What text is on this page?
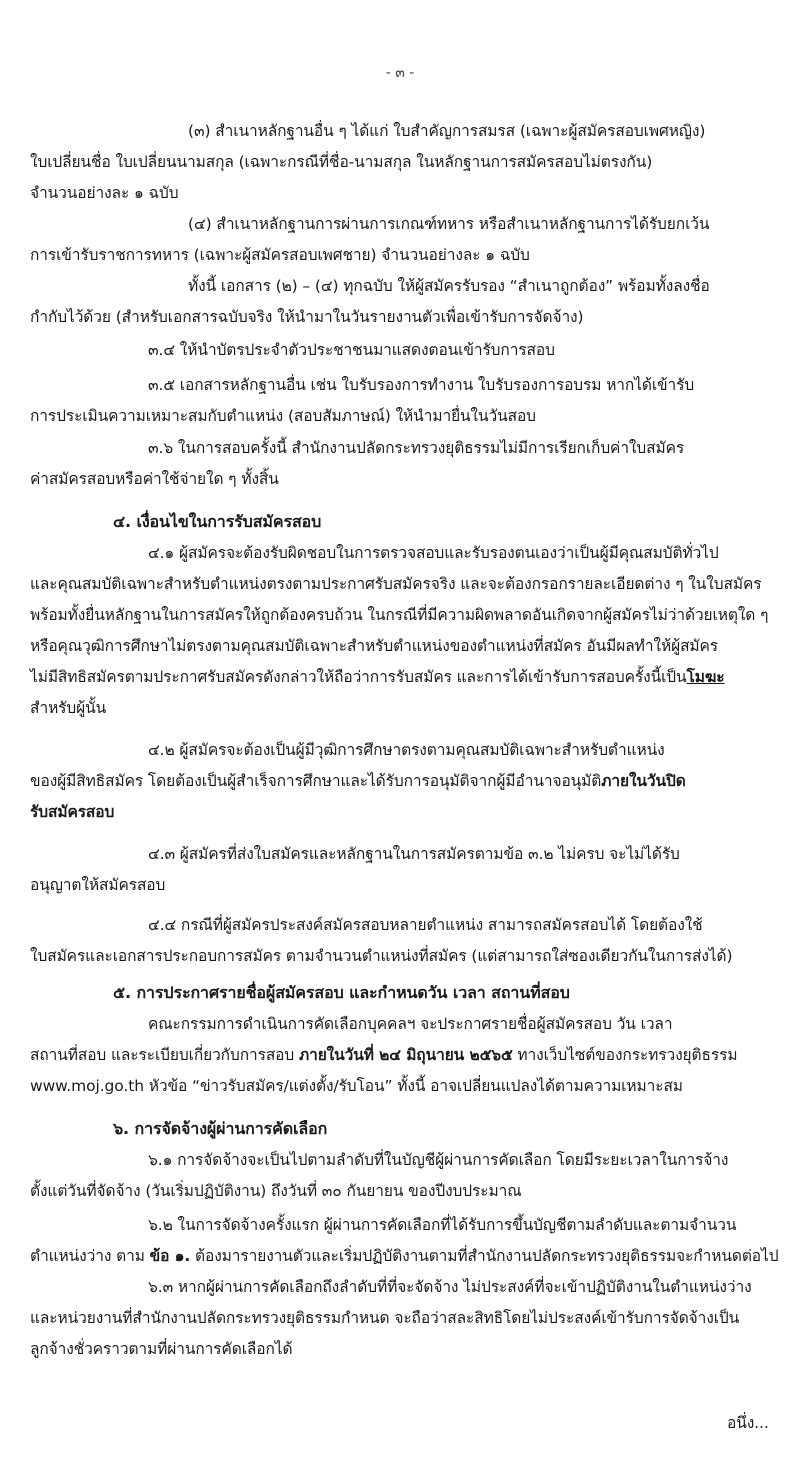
- ๓ -
(๓) สำเนาหลักฐานอื่น ๆ ได้แก่ ใบสำคัญการสมรส (เฉพาะผู้สมัครสอบเพศหญิง)
ใบเปลี่ยนชื่อ ใบเปลี่ยนนามสกุล (เฉพาะกรณีที่ชื่อ-นามสกุล ในหลักฐานการสมัครสอบไม่ตรงกัน)
จำนวนอย่างละ ๑ ฉบับ
(๔) สำเนาหลักฐานการผ่านการเกณฑ์ทหาร หรือสำเนาหลักฐานการได้รับยกเว้น
การเข้ารับราชการทหาร (เฉพาะผู้สมัครสอบเพศชาย) จำนวนอย่างละ ๑ ฉบับ
ทั้งนี้ เอกสาร (๒) – (๔) ทุกฉบับ ให้ผู้สมัครรับรอง “สำเนาถูกต้อง” พร้อมทั้งลงชื่อ
กำกับไว้ด้วย (สำหรับเอกสารฉบับจริง ให้นำมาในวันรายงานตัวเพื่อเข้ารับการจัดจ้าง)
๓.๔ ให้นำบัตรประจำตัวประชาชนมาแสดงตอนเข้ารับการสอบ
๓.๕ เอกสารหลักฐานอื่น เช่น ใบรับรองการทำงาน ใบรับรองการอบรม หากได้เข้ารับ
การประเมินความเหมาะสมกับตำแหน่ง (สอบสัมภาษณ์) ให้นำมายื่นในวันสอบ
๓.๖ ในการสอบครั้งนี้ สำนักงานปลัดกระทรวงยุติธรรมไม่มีการเรียกเก็บค่าใบสมัคร
ค่าสมัครสอบหรือค่าใช้จ่ายใด ๆ ทั้งสิ้น
๔. เงื่อนไขในการรับสมัครสอบ
๔.๑ ผู้สมัครจะต้องรับผิดชอบในการตรวจสอบและรับรองตนเองว่าเป็นผู้มีคุณสมบัติทั่วไป
และคุณสมบัติเฉพาะสำหรับตำแหน่งตรงตามประกาศรับสมัครจริง และจะต้องกรอกรายละเอียดต่าง ๆ ในใบสมัคร
พร้อมทั้งยื่นหลักฐานในการสมัครให้ถูกต้องครบถ้วน ในกรณีที่มีความผิดพลาดอันเกิดจากผู้สมัครไม่ว่าด้วยเหตุใด ๆ
หรือคุณวุฒิการศึกษาไม่ตรงตามคุณสมบัติเฉพาะสำหรับตำแหน่งของตำแหน่งที่สมัคร อันมีผลทำให้ผู้สมัคร
ไม่มีสิทธิสมัครตามประกาศรับสมัครดังกล่าวให้ถือว่าการรับสมัคร และการได้เข้ารับการสอบครั้งนี้เป็นโมฆะ
สำหรับผู้นั้น
๔.๒ ผู้สมัครจะต้องเป็นผู้มีวุฒิการศึกษาตรงตามคุณสมบัติเฉพาะสำหรับตำแหน่ง
ของผู้มีสิทธิสมัคร โดยต้องเป็นผู้สำเร็จการศึกษาและได้รับการอนุมัติจากผู้มีอำนาจอนุมัติภายในวันปิด
รับสมัครสอบ
๔.๓ ผู้สมัครที่ส่งใบสมัครและหลักฐานในการสมัครตามข้อ ๓.๒ ไม่ครบ จะไม่ได้รับ
อนุญาตให้สมัครสอบ
๔.๔ กรณีที่ผู้สมัครประสงค์สมัครสอบหลายตำแหน่ง สามารถสมัครสอบได้ โดยต้องใช้
ใบสมัครและเอกสารประกอบการสมัคร ตามจำนวนตำแหน่งที่สมัคร (แต่สามารถใส่ซองเดียวกันในการส่งได้)
๕. การประกาศรายชื่อผู้สมัครสอบ และกำหนดวัน เวลา สถานที่สอบ
คณะกรรมการดำเนินการคัดเลือกบุคคลฯ จะประกาศรายชื่อผู้สมัครสอบ วัน เวลา
สถานที่สอบ และระเบียบเกี่ยวกับการสอบ ภายในวันที่ ๒๔ มิถุนายน ๒๕๖๕ ทางเว็บไซต์ของกระทรวงยุติธรรม
www.moj.go.th หัวข้อ “ข่าวรับสมัคร/แต่งตั้ง/รับโอน” ทั้งนี้ อาจเปลี่ยนแปลงได้ตามความเหมาะสม
๖. การจัดจ้างผู้ผ่านการคัดเลือก
๖.๑ การจัดจ้างจะเป็นไปตามลำดับที่ในบัญชีผู้ผ่านการคัดเลือก โดยมีระยะเวลาในการจ้าง
ตั้งแต่วันที่จัดจ้าง (วันเริ่มปฏิบัติงาน) ถึงวันที่ ๓๐ กันยายน ของปีงบประมาณ
๖.๒ ในการจัดจ้างครั้งแรก ผู้ผ่านการคัดเลือกที่ได้รับการขึ้นบัญชีตามลำดับและตามจำนวน
ตำแหน่งว่าง ตาม ข้อ ๑. ต้องมารายงานตัวและเริ่มปฏิบัติงานตามที่สำนักงานปลัดกระทรวงยุติธรรมจะกำหนดต่อไป
๖.๓ หากผู้ผ่านการคัดเลือกถึงลำดับที่ที่จะจัดจ้าง ไม่ประสงค์ที่จะเข้าปฏิบัติงานในตำแหน่งว่าง
และหน่วยงานที่สำนักงานปลัดกระทรวงยุติธรรมกำหนด จะถือว่าสละสิทธิโดยไม่ประสงค์เข้ารับการจัดจ้างเป็น
ลูกจ้างชั่วคราวตามที่ผ่านการคัดเลือกได้
อนึ่ง...
